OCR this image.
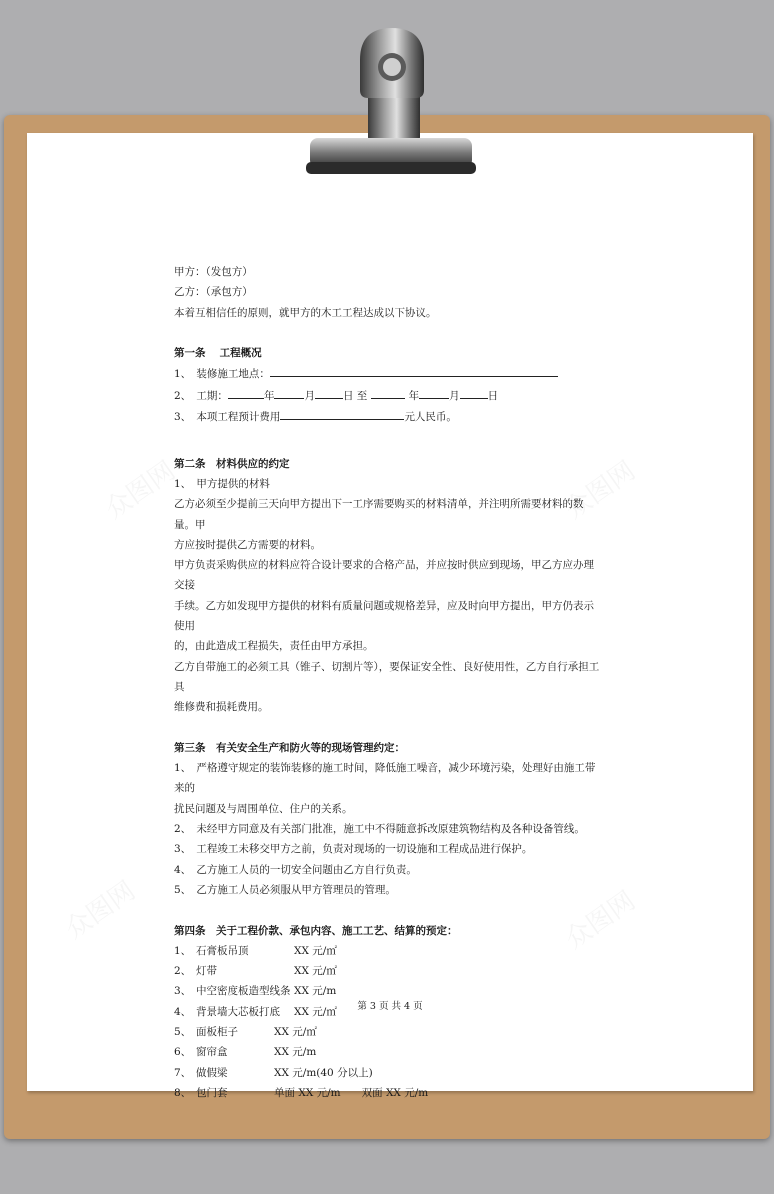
众图网	众图网
众图网	众图网

甲方：（发包方）

乙方：（承包方）

本着互相信任的原则，就甲方的木工工程达成以下协议。

第一条　 工程概况

1、　装修施工地点：

2、　工期：	年	月	日 至	年	月	日

3、　本项工程预计费用	元人民币。

第二条　材料供应的约定

1、　甲方提供的材料

乙方必须至少提前三天向甲方提出下一工序需要购买的材料清单，并注明所需要材料的数量。甲

方应按时提供乙方需要的材料。

甲方负责采购供应的材料应符合设计要求的合格产品，并应按时供应到现场，甲乙方应办理交接

手续。乙方如发现甲方提供的材料有质量问题或规格差异，应及时向甲方提出，甲方仍表示使用

的，由此造成工程损失，责任由甲方承担。

乙方自带施工的必须工具（锥子、切割片等），要保证安全性、良好使用性，乙方自行承担工具

维修费和损耗费用。

第三条　有关安全生产和防火等的现场管理约定：

1、　严格遵守规定的装饰装修的施工时间，降低施工噪音，减少环境污染，处理好由施工带来的

扰民问题及与周围单位、住户的关系。

2、　未经甲方同意及有关部门批准，施工中不得随意拆改原建筑物结构及各种设备管线。

3、　工程竣工未移交甲方之前，负责对现场的一切设施和工程成品进行保护。

4、　乙方施工人员的一切安全问题由乙方自行负责。

5、　乙方施工人员必须服从甲方管理员的管理。

第四条　关于工程价款、承包内容、施工工艺、结算的预定：

1、 石膏板吊顶	XX 元/㎡
2、 灯带	XX 元/㎡
3、 中空密度板造型线条 XX 元/m
4、 背景墙大芯板打底	XX 元/㎡
5、 面板柜子	XX 元/㎡
6、 窗帘盒	XX 元/m
7、 做假梁	XX 元/m(40 分以上)
8、 包门套	单面 XX 元/m　　双面 XX 元/m
第 3 页 共 4 页
